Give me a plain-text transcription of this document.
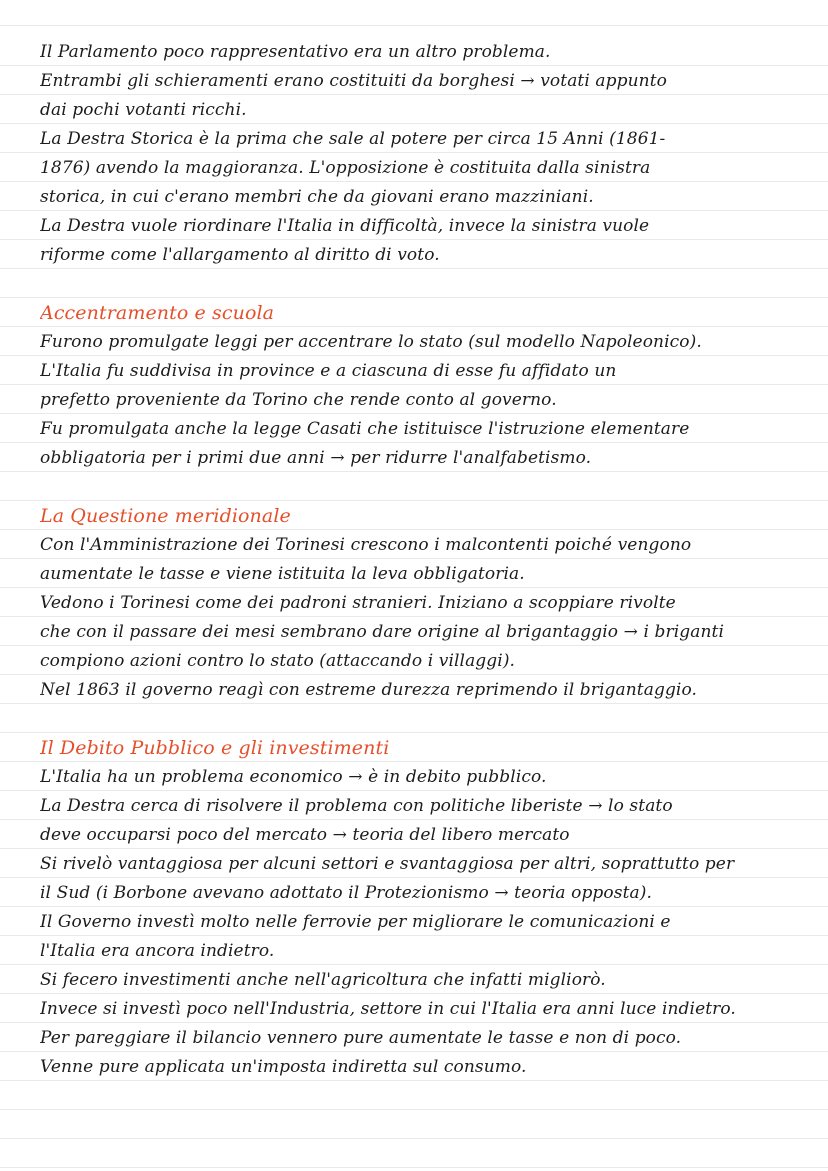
Il Parlamento poco rappresentativo era un altro problema.
Entrambi gli schieramenti erano costituiti da borghesi → votati appunto
dai pochi votanti ricchi.
La Destra Storica è la prima che sale al potere per circa 15 Anni (1861-
1876) avendo la maggioranza. L'opposizione è costituita dalla sinistra
storica, in cui c'erano membri che da giovani erano mazziniani.
La Destra vuole riordinare l'Italia in difficoltà, invece la sinistra vuole
riforme come l'allargamento al diritto di voto.
Accentramento e scuola
Furono promulgate leggi per accentrare lo stato (sul modello Napoleonico).
L'Italia fu suddivisa in province e a ciascuna di esse fu affidato un
prefetto proveniente da Torino che rende conto al governo.
Fu promulgata anche la legge Casati che istituisce l'istruzione elementare
obbligatoria per i primi due anni → per ridurre l'analfabetismo.
La Questione meridionale
Con l'Amministrazione dei Torinesi crescono i malcontenti poiché vengono
aumentate le tasse e viene istituita la leva obbligatoria.
Vedono i Torinesi come dei padroni stranieri. Iniziano a scoppiare rivolte
che con il passare dei mesi sembrano dare origine al brigantaggio → i briganti
compiono azioni contro lo stato (attaccando i villaggi).
Nel 1863 il governo reagì con estreme durezza reprimendo il brigantaggio.
Il Debito Pubblico e gli investimenti
L'Italia ha un problema economico → è in debito pubblico.
La Destra cerca di risolvere il problema con politiche liberiste → lo stato
deve occuparsi poco del mercato → teoria del libero mercato
Si rivelò vantaggiosa per alcuni settori e svantaggiosa per altri, soprattutto per
il Sud (i Borbone avevano adottato il Protezionismo → teoria opposta).
Il Governo investì molto nelle ferrovie per migliorare le comunicazioni e
l'Italia era ancora indietro.
Si fecero investimenti anche nell'agricoltura che infatti migliorò.
Invece si investì poco nell'Industria, settore in cui l'Italia era anni luce indietro.
Per pareggiare il bilancio vennero pure aumentate le tasse e non di poco.
Venne pure applicata un'imposta indiretta sul consumo.
